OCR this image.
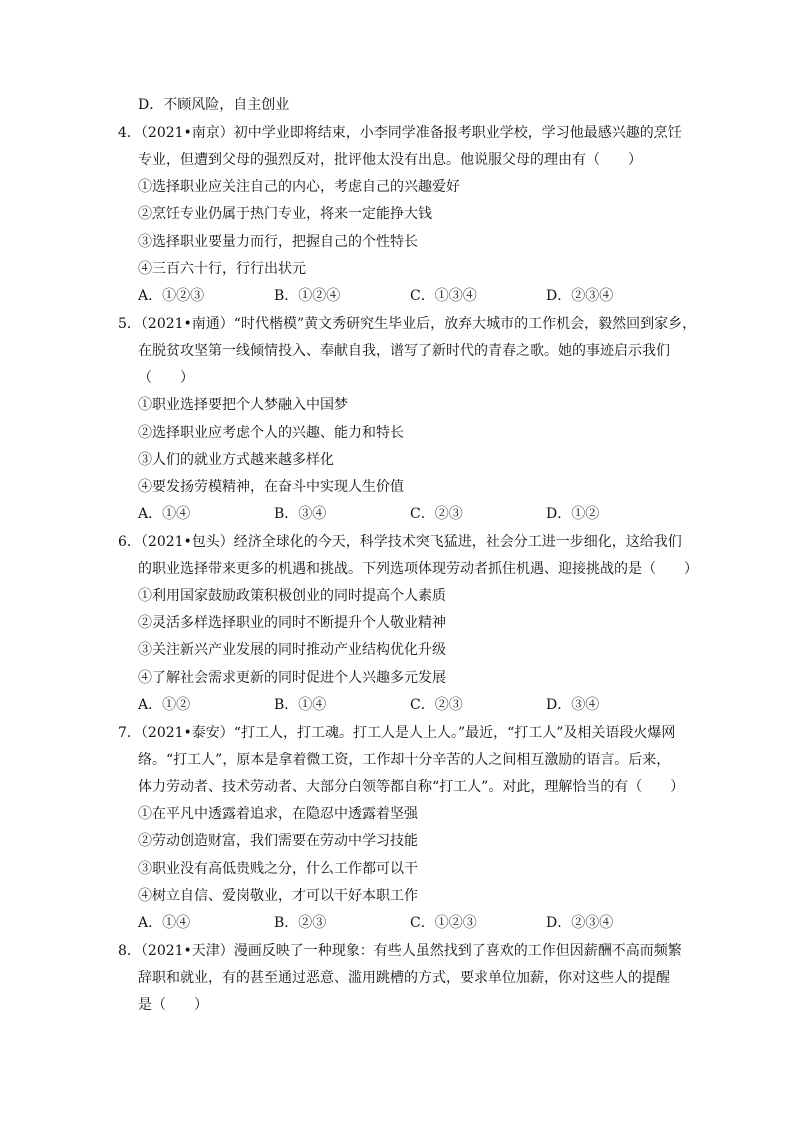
D．不顾风险，自主创业
4．（2021•南京）初中学业即将结束，小李同学准备报考职业学校，学习他最感兴趣的烹饪
专业，但遭到父母的强烈反对，批评他太没有出息。他说服父母的理由有（　　）
①选择职业应关注自己的内心，考虑自己的兴趣爱好
②烹饪专业仍属于热门专业，将来一定能挣大钱
③选择职业要量力而行，把握自己的个性特长
④三百六十行，行行出状元
A．①②③	B．①②④	C．①③④	D．②③④
5．（2021•南通）“时代楷模”黄文秀研究生毕业后，放弃大城市的工作机会，毅然回到家乡，
在脱贫攻坚第一线倾情投入、奉献自我，谱写了新时代的青春之歌。她的事迹启示我们
（　　）
①职业选择要把个人梦融入中国梦
②选择职业应考虑个人的兴趣、能力和特长
③人们的就业方式越来越多样化
④要发扬劳模精神，在奋斗中实现人生价值
A．①④	B．③④	C．②③	D．①②
6．（2021•包头）经济全球化的今天，科学技术突飞猛进，社会分工进一步细化，这给我们
的职业选择带来更多的机遇和挑战。下列选项体现劳动者抓住机遇、迎接挑战的是（　　）
①利用国家鼓励政策积极创业的同时提高个人素质
②灵活多样选择职业的同时不断提升个人敬业精神
③关注新兴产业发展的同时推动产业结构优化升级
④了解社会需求更新的同时促进个人兴趣多元发展
A．①②	B．①④	C．②③	D．③④
7．（2021•泰安）“打工人，打工魂。打工人是人上人。”最近，“打工人”及相关语段火爆网
络。“打工人”，原本是拿着微工资，工作却十分辛苦的人之间相互激励的语言。后来，
体力劳动者、技术劳动者、大部分白领等都自称“打工人”。对此，理解恰当的有（　　）
①在平凡中透露着追求，在隐忍中透露着坚强
②劳动创造财富，我们需要在劳动中学习技能
③职业没有高低贵贱之分，什么工作都可以干
④树立自信、爱岗敬业，才可以干好本职工作
A．①④	B．②③	C．①②③	D．②③④
8．（2021•天津）漫画反映了一种现象：有些人虽然找到了喜欢的工作但因薪酬不高而频繁
辞职和就业，有的甚至通过恶意、滥用跳槽的方式，要求单位加薪，你对这些人的提醒
是（　　）
